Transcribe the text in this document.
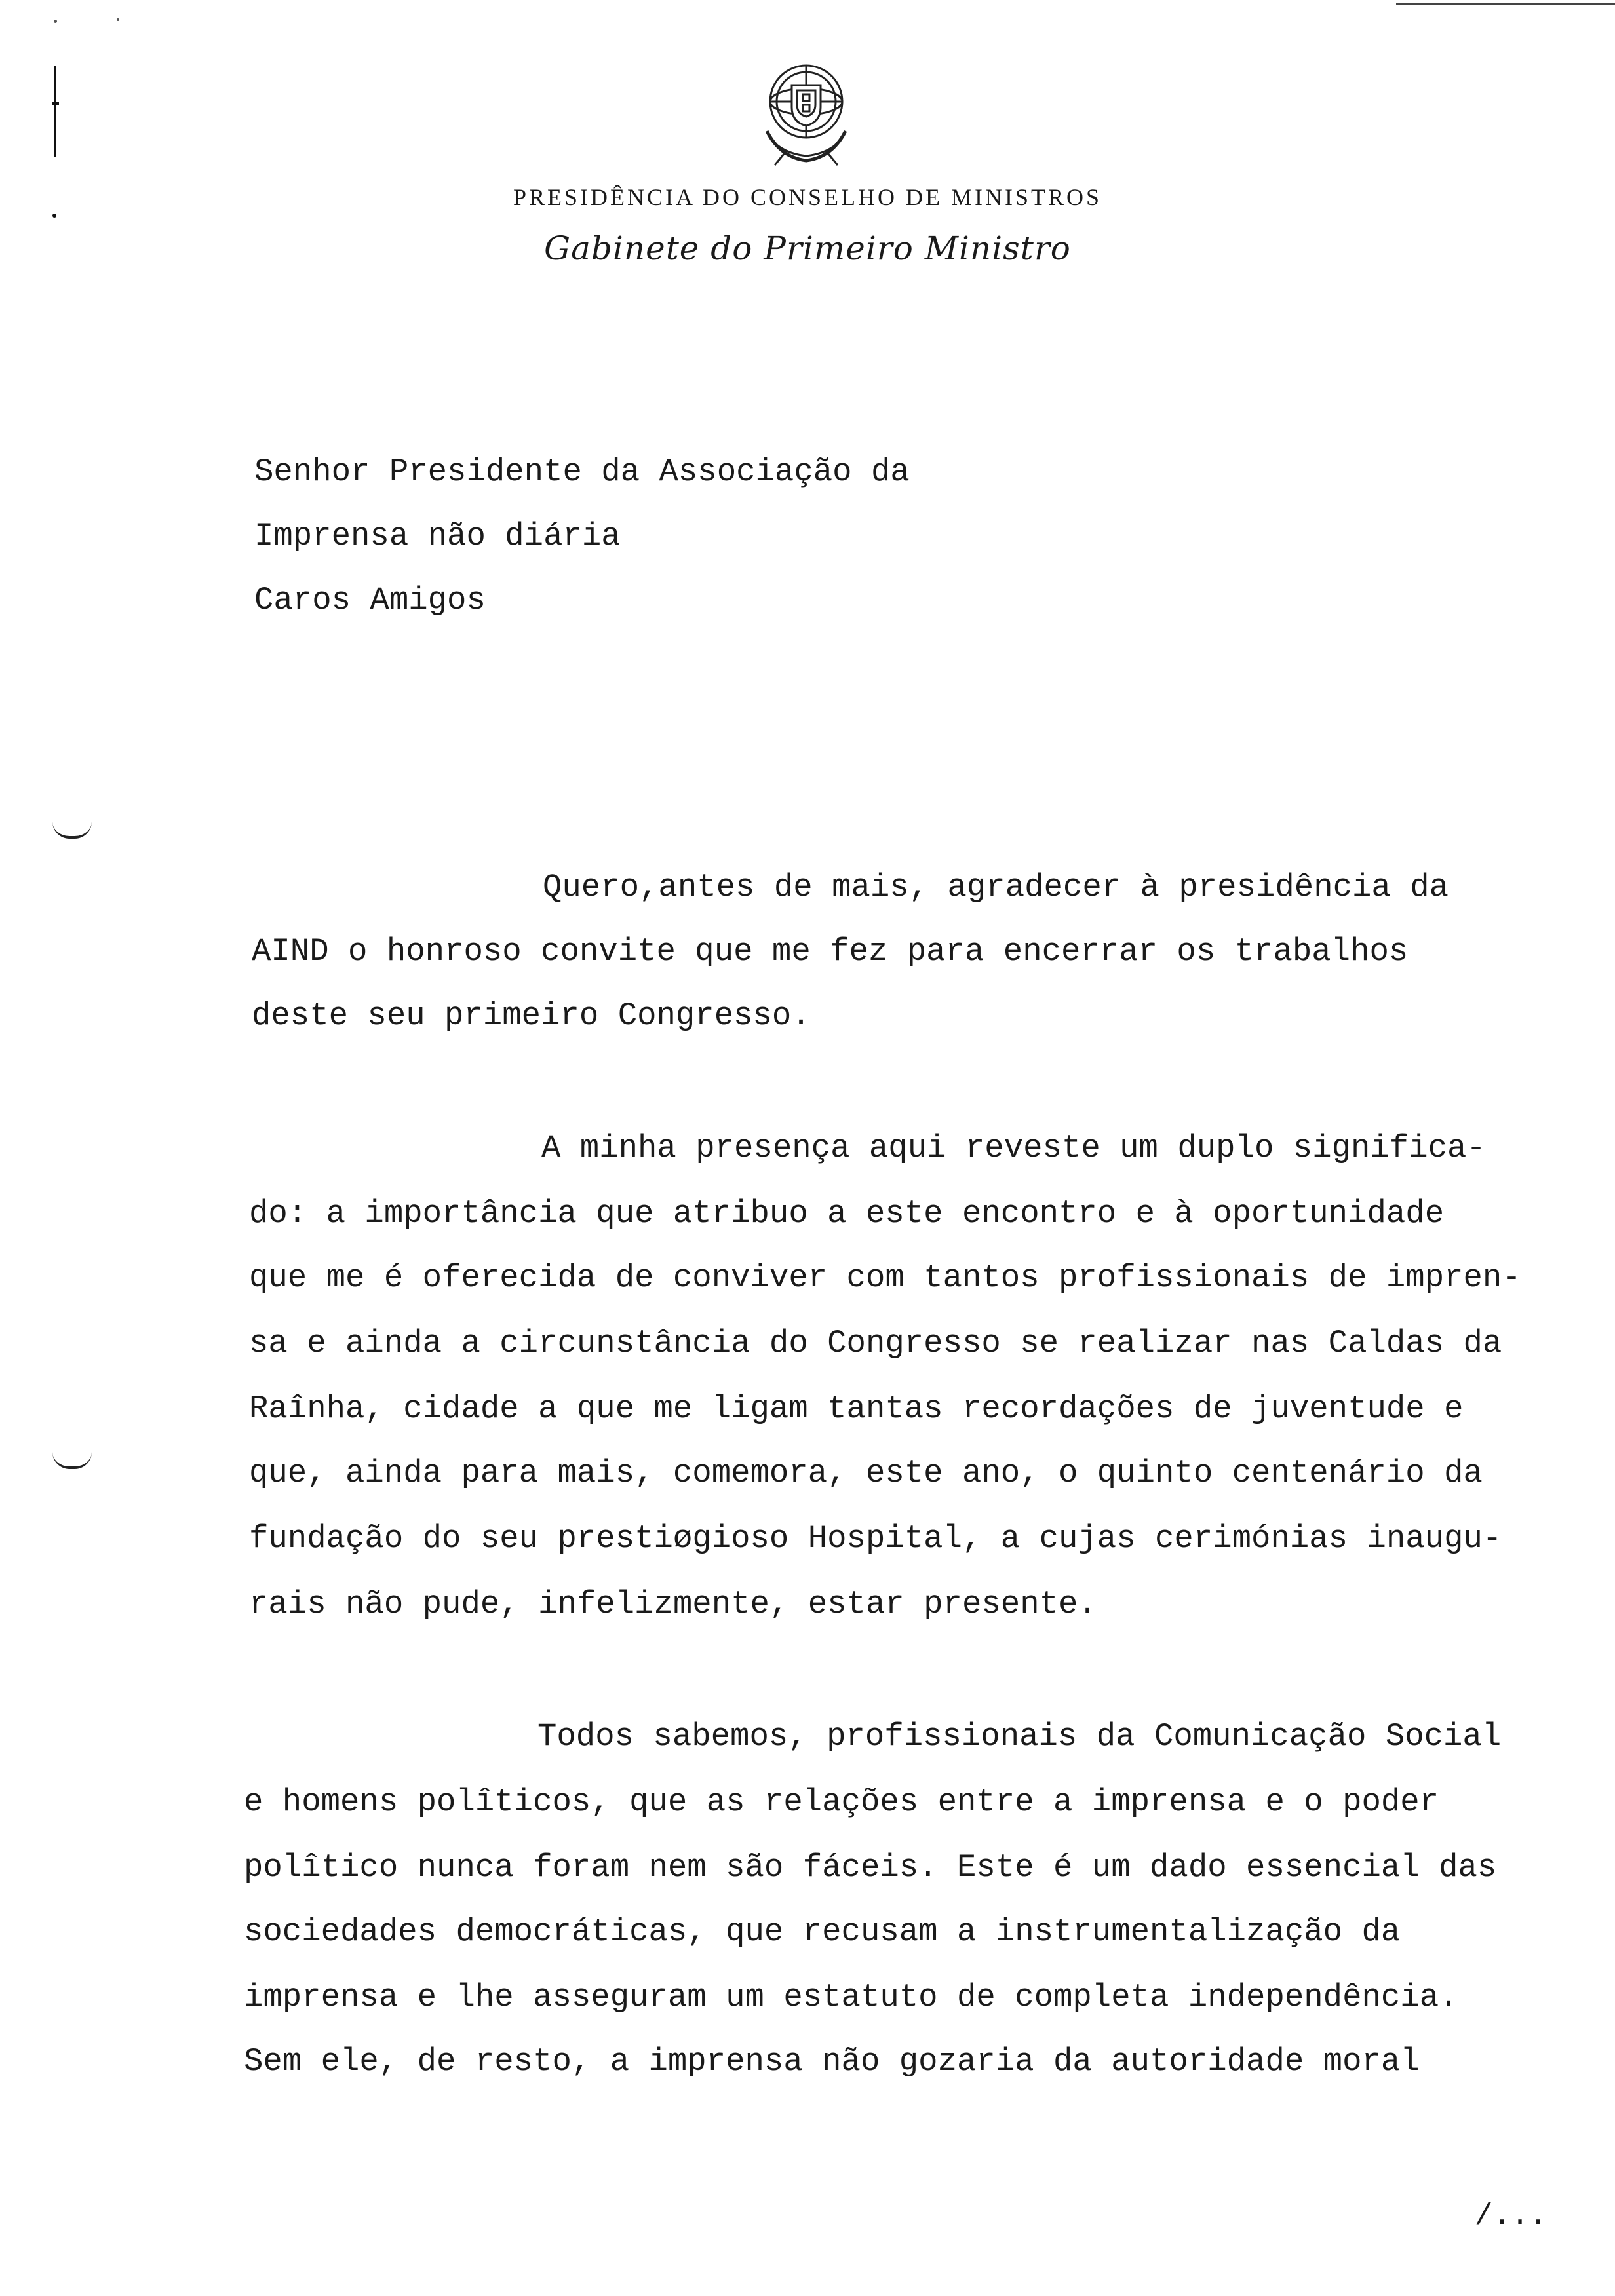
PRESIDÊNCIA DO CONSELHO DE MINISTROS
Gabinete do Primeiro Ministro
Senhor Presidente da Associação da
Imprensa não diária
Caros Amigos
Quero,antes de mais, agradecer à presidência da
AIND o honroso convite que me fez para encerrar os trabalhos
deste seu primeiro Congresso.
A minha presença aqui reveste um duplo significa-
do: a importância que atribuo a este encontro e à oportunidade
que me é oferecida de conviver com tantos profissionais de impren-
sa e ainda a circunstância do Congresso se realizar nas Caldas da
Raînha, cidade a que me ligam tantas recordações de juventude e
que, ainda para mais, comemora, este ano, o quinto centenário da
fundação do seu prestiøgioso Hospital, a cujas cerimónias inaugu-
rais não pude, infelizmente, estar presente.
Todos sabemos, profissionais da Comunicação Social
e homens polîticos, que as relações entre a imprensa e o poder
polîtico nunca foram nem são fáceis. Este é um dado essencial das
sociedades democráticas, que recusam a instrumentalização da
imprensa e lhe asseguram um estatuto de completa independência.
Sem ele, de resto, a imprensa não gozaria da autoridade moral
/...
